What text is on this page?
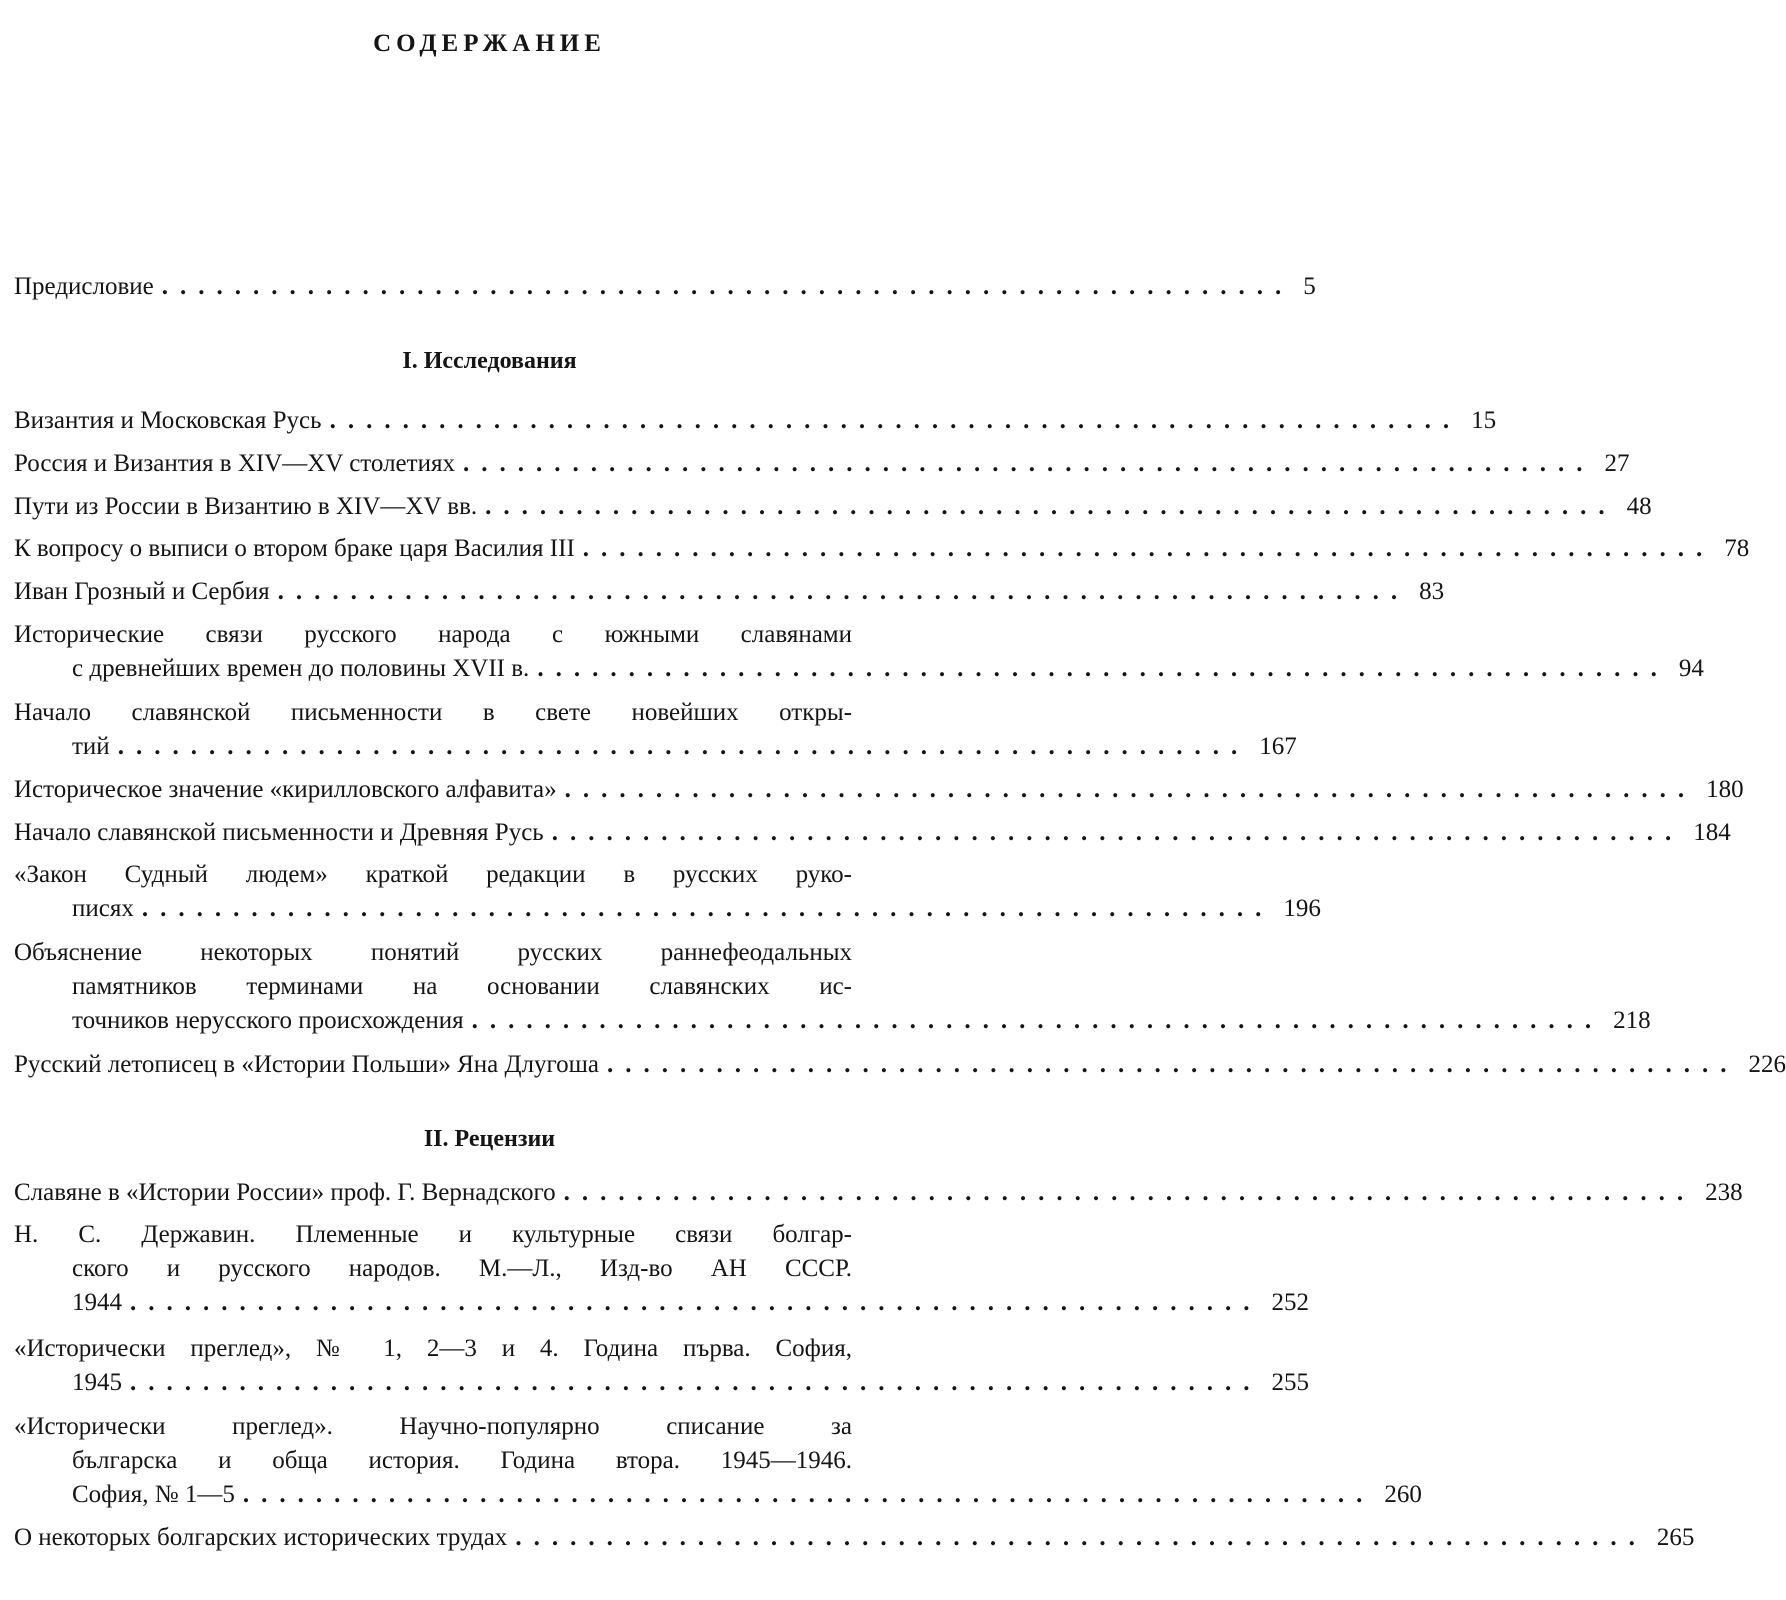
СОДЕРЖАНИЕ
Предисловие .............................................................. 5
I. Исследования
Византия и Московская Русь .............................................................. 15
Россия и Византия в XIV—XV столетиях .............................................................. 27
Пути из России в Византию в XIV—XV вв. .............................................................. 48
К вопросу о выписи о втором браке царя Василия III .............................................................. 78
Иван Грозный и Сербия .............................................................. 83
Исторические связи русского народа с южными славянами
с древнейших времен до половины XVII в. .............................................................. 94
Начало славянской письменности в свете новейших откры-
тий .............................................................. 167
Историческое значение «кирилловского алфавита» .............................................................. 180
Начало славянской письменности и Древняя Русь .............................................................. 184
«Закон Судный людем» краткой редакции в русских руко-
писях .............................................................. 196
Объяснение некоторых понятий русских раннефеодальных
памятников терминами на основании славянских ис-
точников нерусского происхождения .............................................................. 218
Русский летописец в «Истории Польши» Яна Длугоша .............................................................. 226
II. Рецензии
Славяне в «Истории России» проф. Г. Вернадского .............................................................. 238
Н. С. Державин. Племенные и культурные связи болгар-
ского и русского народов. М.—Л., Изд-во АН СССР.
1944 .............................................................. 252
«Исторически преглед», № 1, 2—3 и 4. Година първа. София,
1945 .............................................................. 255
«Исторически преглед». Научно-популярно списание за
българска и обща история. Година втора. 1945—1946.
София, № 1—5 .............................................................. 260
О некоторых болгарских исторических трудах .............................................................. 265
